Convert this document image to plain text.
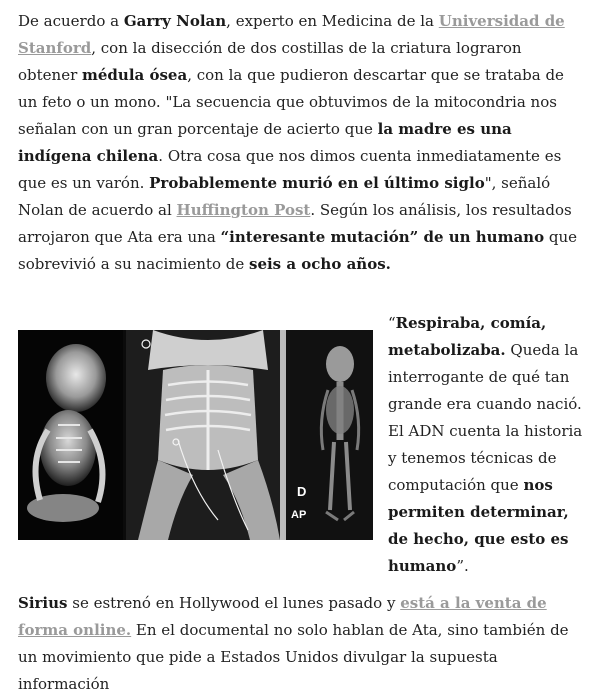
De acuerdo a Garry Nolan, experto en Medicina de la Universidad de Stanford, con la disección de dos costillas de la criatura lograron obtener médula ósea, con la que pudieron descartar que se trataba de un feto o un mono. "La secuencia que obtuvimos de la mitocondria nos señalan con un gran porcentaje de acierto que la madre es una indígena chilena. Otra cosa que nos dimos cuenta inmediatamente es que es un varón. Probablemente murió en el último siglo", señaló Nolan de acuerdo al Huffington Post. Según los análisis, los resultados arrojaron que Ata era una “interesante mutación” de un humano que sobrevivió a su nacimiento de seis a ocho años.

D
AP

“Respiraba, comía, metabolizaba. Queda la interrogante de qué tan grande era cuando nació. El ADN cuenta la historia y tenemos técnicas de computación que nos permiten determinar, de hecho, que esto es humano”.

Sirius se estrenó en Hollywood el lunes pasado y está a la venta de forma online. En el documental no solo hablan de Ata, sino también de un movimiento que pide a Estados Unidos divulgar la supuesta información
